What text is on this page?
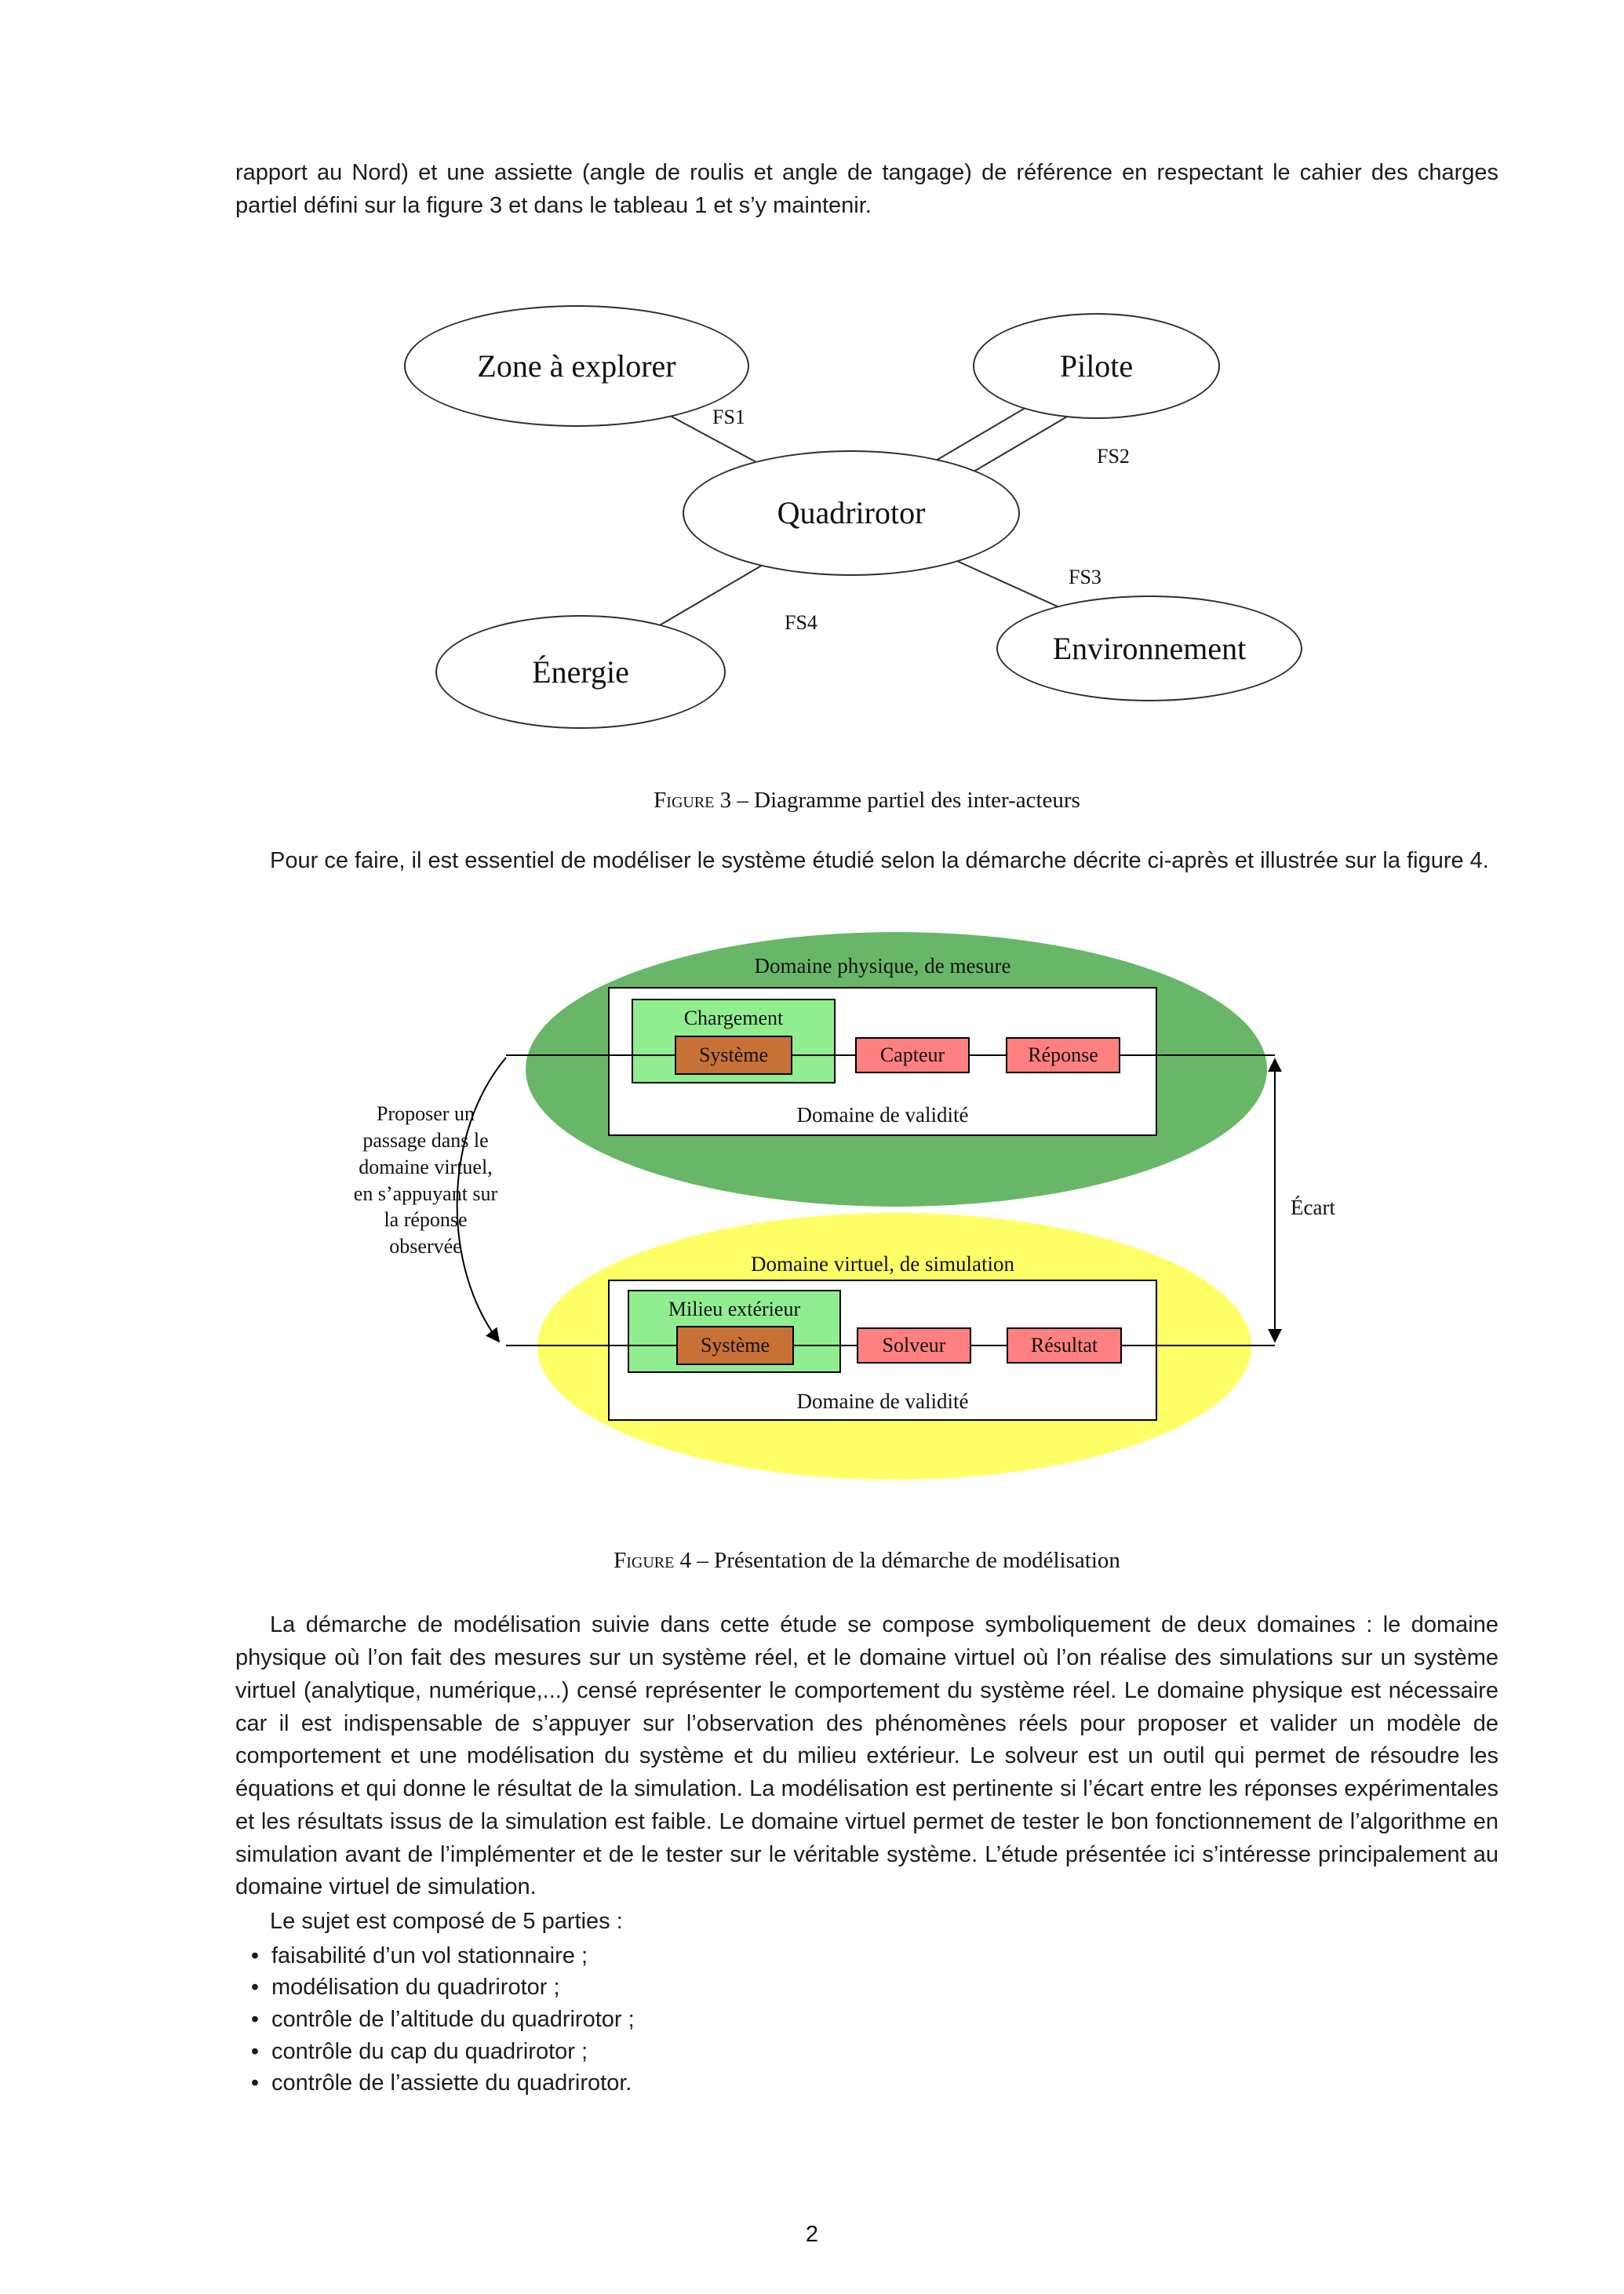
rapport au Nord) et une assiette (angle de roulis et angle de tangage) de référence en respectant le cahier des charges partiel défini sur la figure 3 et dans le tableau 1 et s’y maintenir.

Zone à explorer	Pilote
Quadrirotor
Énergie
Environnement
FS1
FS2
FS3
FS4

Figure 3 – Diagramme partiel des inter-acteurs

Pour ce faire, il est essentiel de modéliser le système étudié selon la démarche décrite ci-après et illustrée sur la figure 4.

Domaine physique, de mesure
Domaine virtuel, de simulation
Chargement
Milieu extérieur
Système	Capteur	Réponse
Système	Solveur	Résultat
Domaine de validité
Domaine de validité
Proposer un passage dans le domaine virtuel, en s’appuyant sur la réponse observée
Écart

Figure 4 – Présentation de la démarche de modélisation

La démarche de modélisation suivie dans cette étude se compose symboliquement de deux domaines : le domaine physique où l’on fait des mesures sur un système réel, et le domaine virtuel où l’on réalise des simulations sur un système virtuel (analytique, numérique,...) censé représenter le comportement du système réel. Le domaine physique est nécessaire car il est indispensable de s’appuyer sur l’observation des phénomènes réels pour proposer et valider un modèle de comportement et une modélisation du système et du milieu extérieur. Le solveur est un outil qui permet de résoudre les équations et qui donne le résultat de la simulation. La modélisation est pertinente si l’écart entre les réponses expérimentales et les résultats issus de la simulation est faible. Le domaine virtuel permet de tester le bon fonctionnement de l’algorithme en simulation avant de l’implémenter et de le tester sur le véritable système. L’étude présentée ici s’intéresse principalement au domaine virtuel de simulation.

Le sujet est composé de 5 parties :

• faisabilité d’un vol stationnaire ;
• modélisation du quadrirotor ;
• contrôle de l’altitude du quadrirotor ;
• contrôle du cap du quadrirotor ;
• contrôle de l’assiette du quadrirotor.
2
